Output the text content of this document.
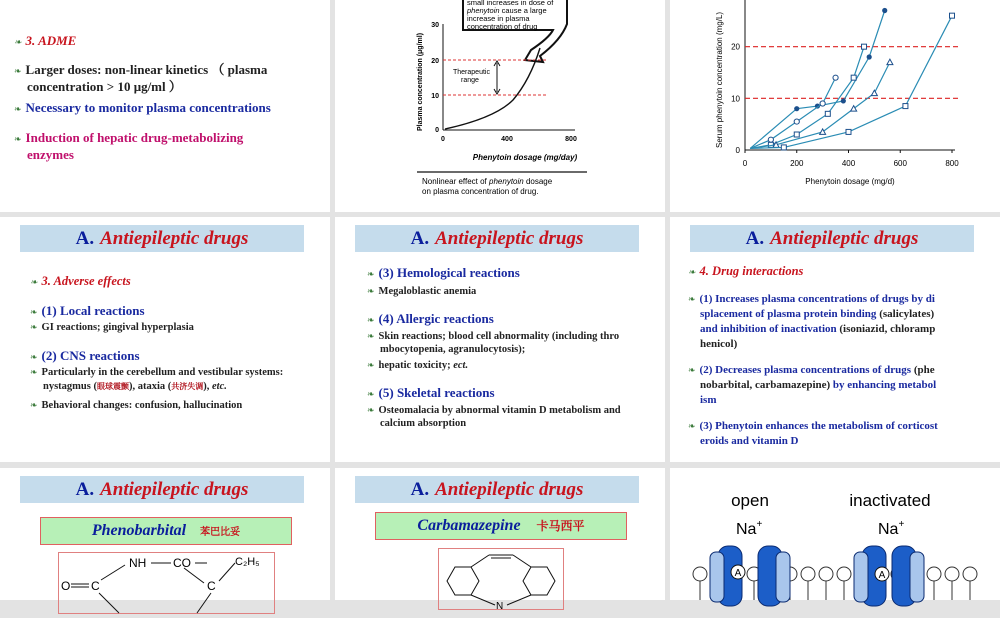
❧ 3. ADME
❧ Larger doses: non-linear kinetics （ plasma
concentration > 10 μg/ml ）
❧ Necessary to monitor plasma concentrations
❧ Induction of hepatic drug-metabolizing
enzymes
small increases in dose of
phenytoin cause a large
increase in plasma
concentration of drug
30
20
10
0
0	400	800
Plasma concentration (μg/ml)	Therapeutic
range
Phenytoin dosage (mg/day)
Nonlinear effect of phenytoin dosage
on plasma concentration of drug.
Serum phenytoin concentration (mg/L)
Phenytoin dosage (mg/d)
0	200	400	600	800
20
10
0
A. Antiepileptic drugs
❧ 3. Adverse effects
❧ (1) Local reactions
❧ GI reactions; gingival hyperplasia
❧ (2) CNS reactions
❧ Particularly in the cerebellum and vestibular systems:
nystagmus (眼球震颤), ataxia (共济失调), etc.
❧ Behavioral changes: confusion, hallucination
A. Antiepileptic drugs
❧ (3) Hemological reactions
❧ Megaloblastic anemia
❧ (4) Allergic reactions
❧ Skin reactions; blood cell abnormality (including thro
mbocytopenia, agranulocytosis);
❧ hepatic toxicity; ect.
❧ (5) Skeletal reactions
❧ Osteomalacia by abnormal vitamin D metabolism and
calcium absorption
A. Antiepileptic drugs
❧ 4. Drug interactions
❧ (1) Increases plasma concentrations of drugs by di
splacement of plasma protein binding (salicylates)
and inhibition of inactivation (isoniazid, chloramp
henicol)
❧ (2) Decreases plasma concentrations of drugs (phe
nobarbital, carbamazepine) by enhancing metabol
ism
❧ (3) Phenytoin enhances the metabolism of corticost
eroids and vitamin D
A. Antiepileptic drugs
Phenobarbital 苯巴比妥
NH CO	C₂H₅
O C	C
A. Antiepileptic drugs
Carbamazepine 卡马西平
N
open	inactivated
Na+	Na+
A	A
